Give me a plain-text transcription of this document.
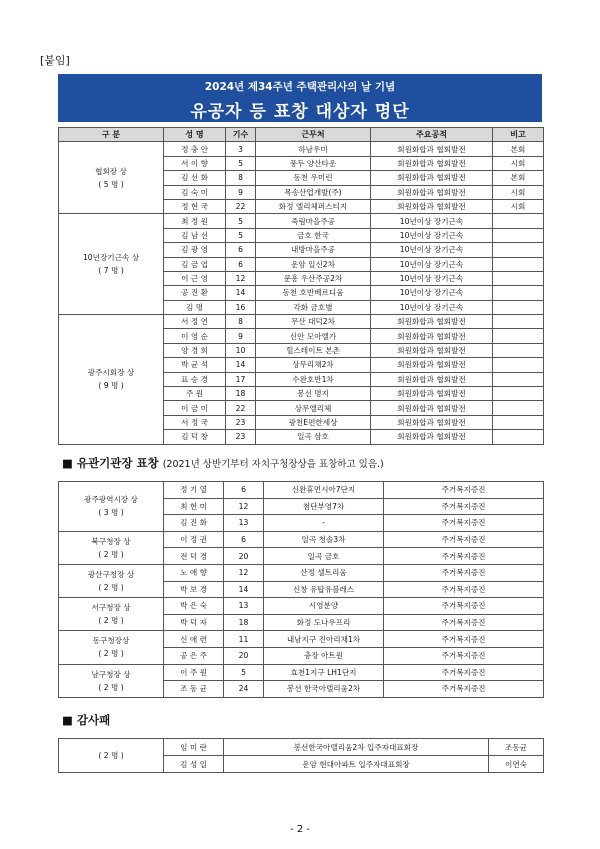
[붙임]
2024년 제34주년 주택관리사의 날 기념
유공자 등 표창 대상자 명단
구 분	성 명	기수	근무처	주요공적	비고

협회장 상
( 5 명 )	정 충 안	3	하남우미	회원화합과 협회발전	본회
	서 이 향	5	풍두 양산타운	회원화합과 협회발전	시회
	김 선 화	8	동천 우미린	회원화합과 협회발전	본회
	김 숙 미	9	목송산업개발(주)	회원화합과 협회발전	시회
	정 현 국	22	화정 엘리체퍼스티지	회원화합과 협회발전	시회

10년장기근속 상
( 7 명 )	최 정 원	5	죽림마을주공	10년이상 장기근속	
	김 남 선	5	금호 한국	10년이상 장기근속	
	김 광 영	6	내방마을주공	10년이상 장기근속	
	김 금 엽	6	운암 일신2차	10년이상 장기근속	
	이 근 영	12	문흥 우산주공2차	10년이상 장기근속	
	공 진 환	14	동천 호반베르디움	10년이상 장기근속	
	김 명	16	각화 금호별	10년이상 장기근속	

광주시회장 상
( 9 명 )	서 정 연	8	무산 대덕2차	회원화합과 협회발전	
	이 영 순	9	신안 모아엘가	회원화합과 협회발전	
	양 경 희	10	힐스테이트 본촌	회원화합과 협회발전	
	박 균 석	14	상무리채2차	회원화합과 협회발전	
	표 승 경	17	수완호반1차	회원화합과 협회발전	
	주 원	18	봉선 명지	회원화합과 협회발전	
	이 금 미	22	상무엘리체	회원화합과 협회발전	
	서 정 국	23	광천E편한세상	회원화합과 협회발전	
	김 덕 창	23	일곡 삼호	회원화합과 협회발전	
■ 유관기관장 표창 (2021년 상반기부터 자치구청장상을 표창하고 있음.)
광주광역시장 상
( 3 명 )	정 기 열	6	신완휴먼시아7단지	주거복지증진
	최 현 미	12	첨단부영7차	주거복지증진
	김 진 화	13	-	주거복지증진

북구청장 상
( 2 명 )	이 정 권	6	일곡 청솔3차	주거복지증진
	전 덕 경	20	일곡 금호	주거복지증진

광산구청장 상
( 2 명 )	노 애 향	12	산정 셀트리움	주거복지증진
	박 보 경	14	신창 유탑유블레스	주거복지증진

서구청장 상
( 2 명 )	박 은 숙	13	시영분양	주거복지증진
	박 덕 자	18	화정 도나우프리	주거복지증진

동구청장상
( 2 명 )	신 애 련	11	내남지구 진아리채1차	주거복지증진
	공 은 주	20	충장 아트원	주거복지증진

남구청장 상
( 2 명 )	이 주 원	5	효천1지구 LH1단지	주거복지증진
	조 동 균	24	봉선 한국아델리움2차	주거복지증진
■ 감사패
( 2 명 )	임 미 란	봉선한국아델리움2차 입주자대표회장	조동균
	김 성 일	운암 현대아파트 입주자대표회장	이연숙
- 2 -
